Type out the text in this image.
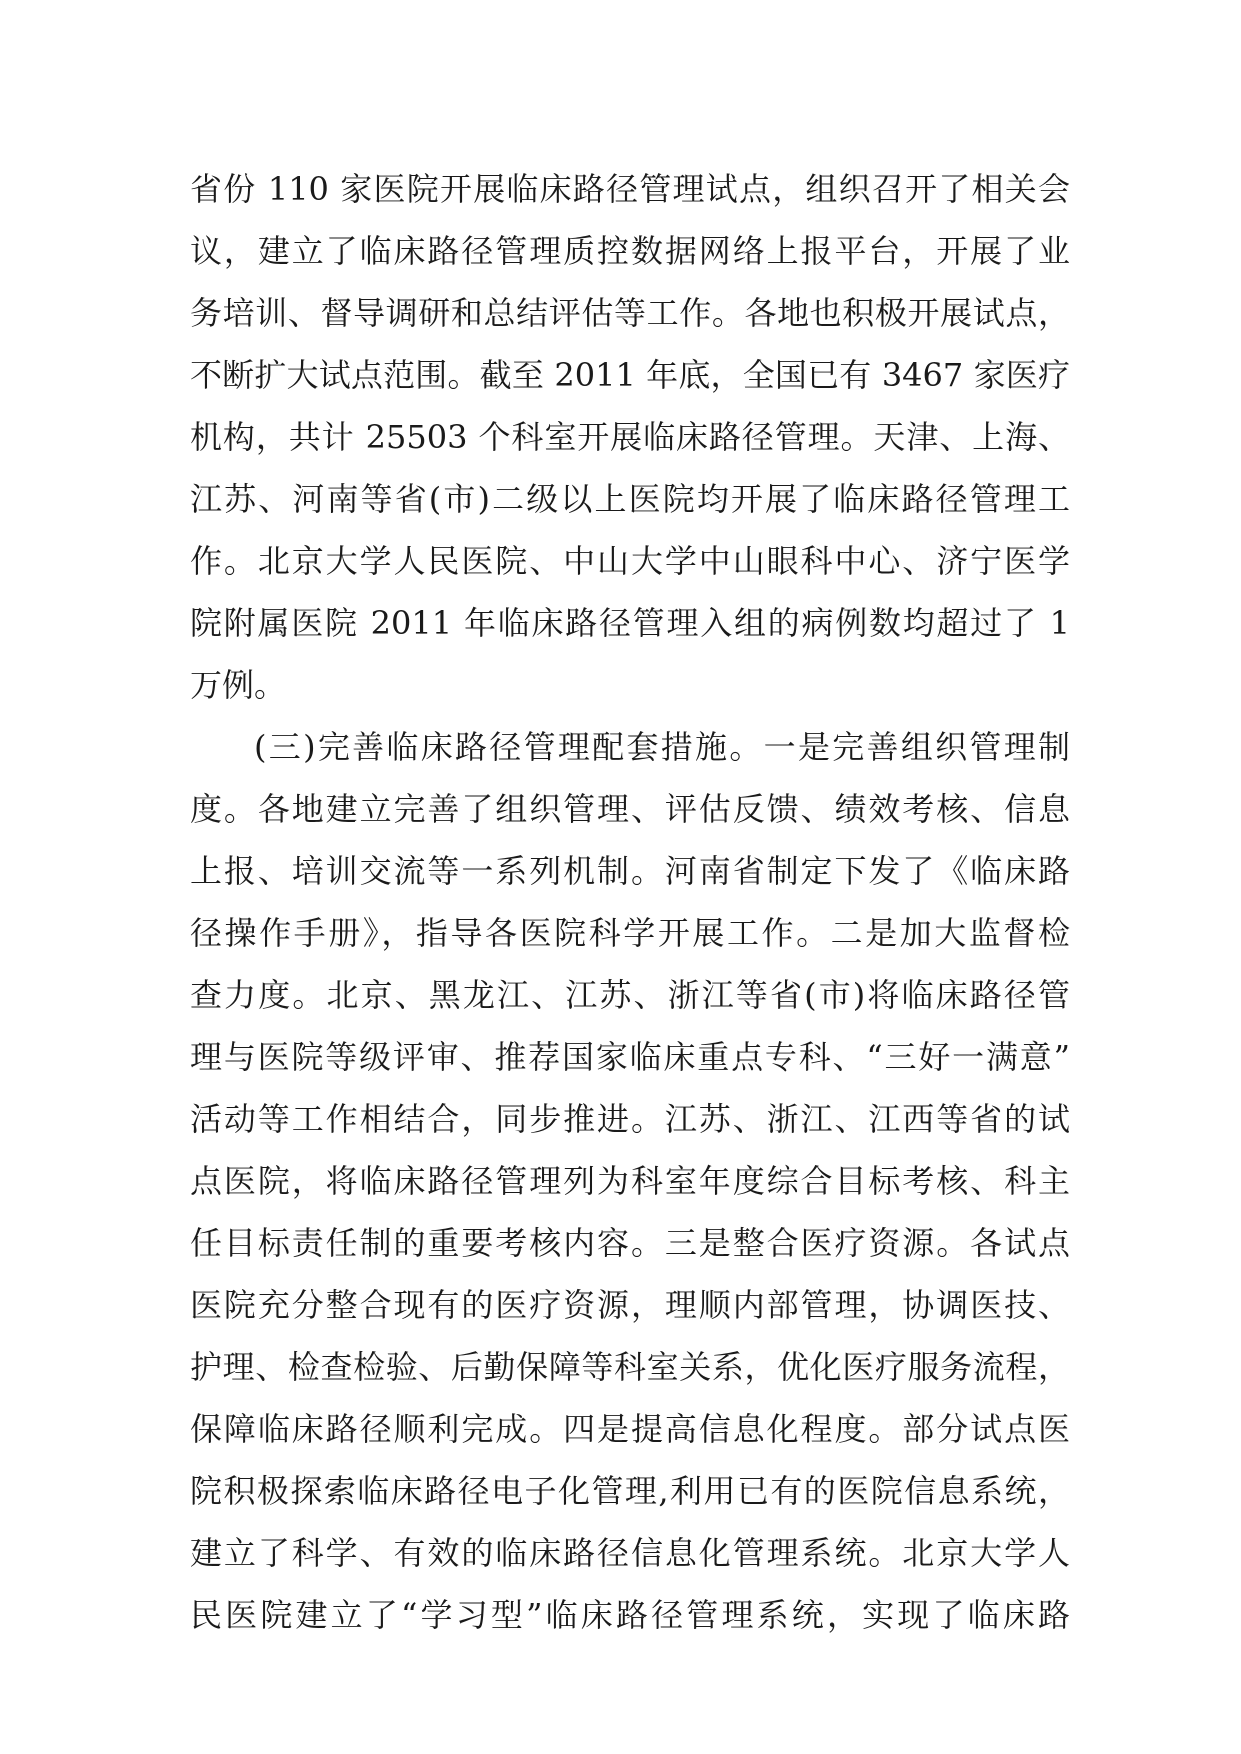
省份 110 家医院开展临床路径管理试点，组织召开了相关会
议，建立了临床路径管理质控数据网络上报平台，开展了业
务培训、督导调研和总结评估等工作。各地也积极开展试点，
不断扩大试点范围。截至 2011 年底，全国已有 3467 家医疗
机构，共计 25503 个科室开展临床路径管理。天津、上海、
江苏、河南等省(市)二级以上医院均开展了临床路径管理工
作。北京大学人民医院、中山大学中山眼科中心、济宁医学
院附属医院 2011 年临床路径管理入组的病例数均超过了 1
万例。
(三)完善临床路径管理配套措施。一是完善组织管理制
度。各地建立完善了组织管理、评估反馈、绩效考核、信息
上报、培训交流等一系列机制。河南省制定下发了《临床路
径操作手册》，指导各医院科学开展工作。二是加大监督检
查力度。北京、黑龙江、江苏、浙江等省(市)将临床路径管
理与医院等级评审、推荐国家临床重点专科、“三好一满意”
活动等工作相结合，同步推进。江苏、浙江、江西等省的试
点医院，将临床路径管理列为科室年度综合目标考核、科主
任目标责任制的重要考核内容。三是整合医疗资源。各试点
医院充分整合现有的医疗资源，理顺内部管理，协调医技、
护理、检查检验、后勤保障等科室关系，优化医疗服务流程，
保障临床路径顺利完成。四是提高信息化程度。部分试点医
院积极探索临床路径电子化管理,利用已有的医院信息系统，
建立了科学、有效的临床路径信息化管理系统。北京大学人
民医院建立了“学习型”临床路径管理系统，实现了临床路
